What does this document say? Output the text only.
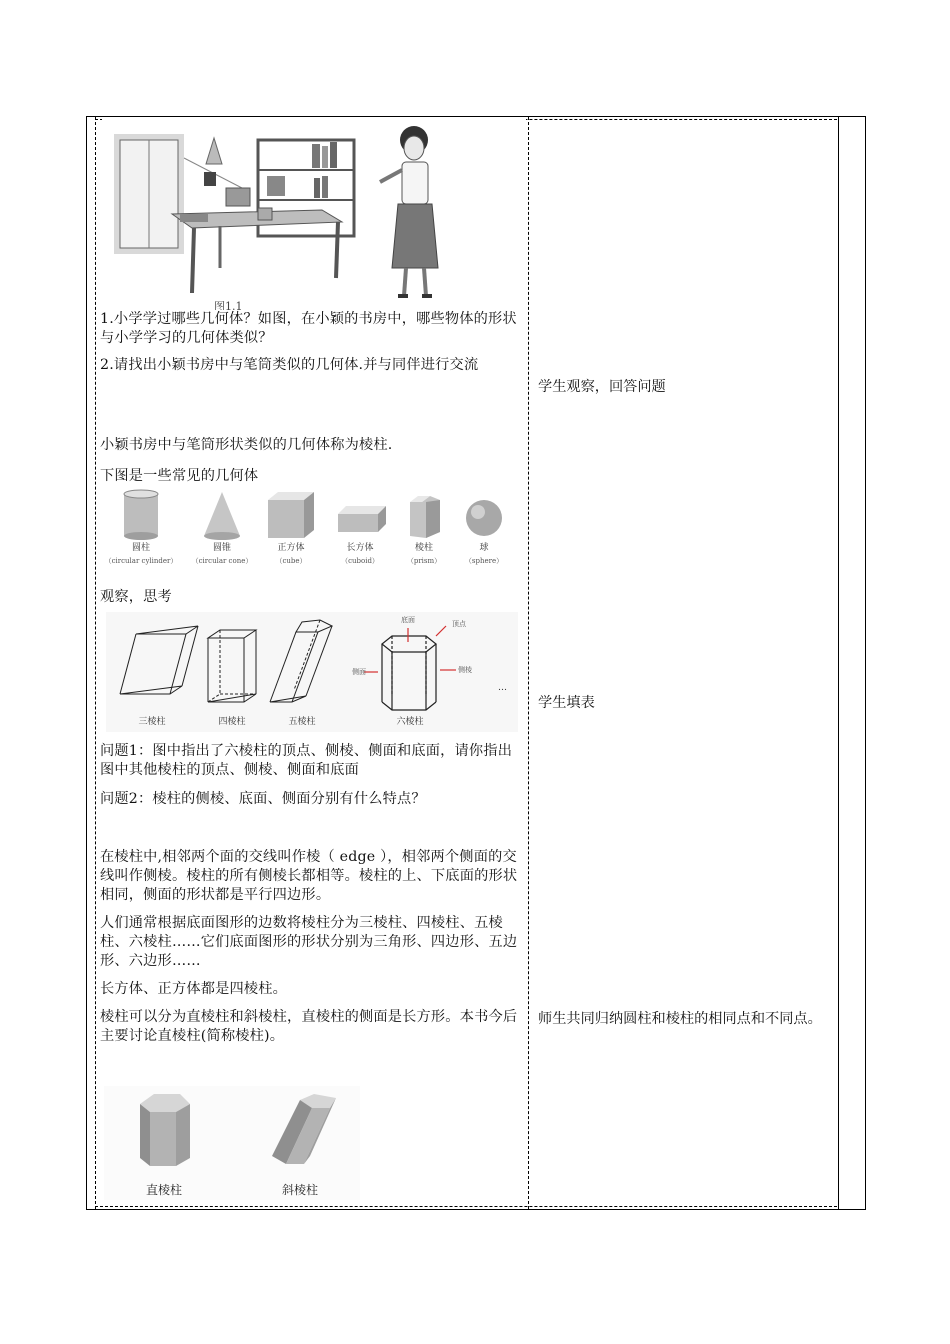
图1.1

1.小学学过哪些几何体？如图，在小颖的书房中，哪些物体的形状与小学学习的几何体类似？

2.请找出小颖书房中与笔筒类似的几何体.并与同伴进行交流

小颖书房中与笔筒形状类似的几何体称为棱柱.

下图是一些常见的几何体

圆柱
（circular cylinder）
圆锥
（circular cone）
正方体
（cube）
长方体
（cuboid）
棱柱
（prism）
球
（sphere）

观察，思考

底面	顶点
侧面	侧棱
…
三棱柱	四棱柱	五棱柱	六棱柱

问题1：图中指出了六棱柱的顶点、侧棱、侧面和底面，请你指出图中其他棱柱的顶点、侧棱、侧面和底面

问题2：棱柱的侧棱、底面、侧面分别有什么特点？

在棱柱中,相邻两个面的交线叫作棱（ edge ），相邻两个侧面的交线叫作侧棱。棱柱的所有侧棱长都相等。棱柱的上、下底面的形状相同，侧面的形状都是平行四边形。

人们通常根据底面图形的边数将棱柱分为三棱柱、四棱柱、五棱柱、六棱柱……它们底面图形的形状分别为三角形、四边形、五边形、六边形……

长方体、正方体都是四棱柱。

棱柱可以分为直棱柱和斜棱柱，直棱柱的侧面是长方形。本书今后主要讨论直棱柱(简称棱柱)。

直棱柱	斜棱柱
学生观察，回答问题
学生填表
师生共同归纳圆柱和棱柱的相同点和不同点。
